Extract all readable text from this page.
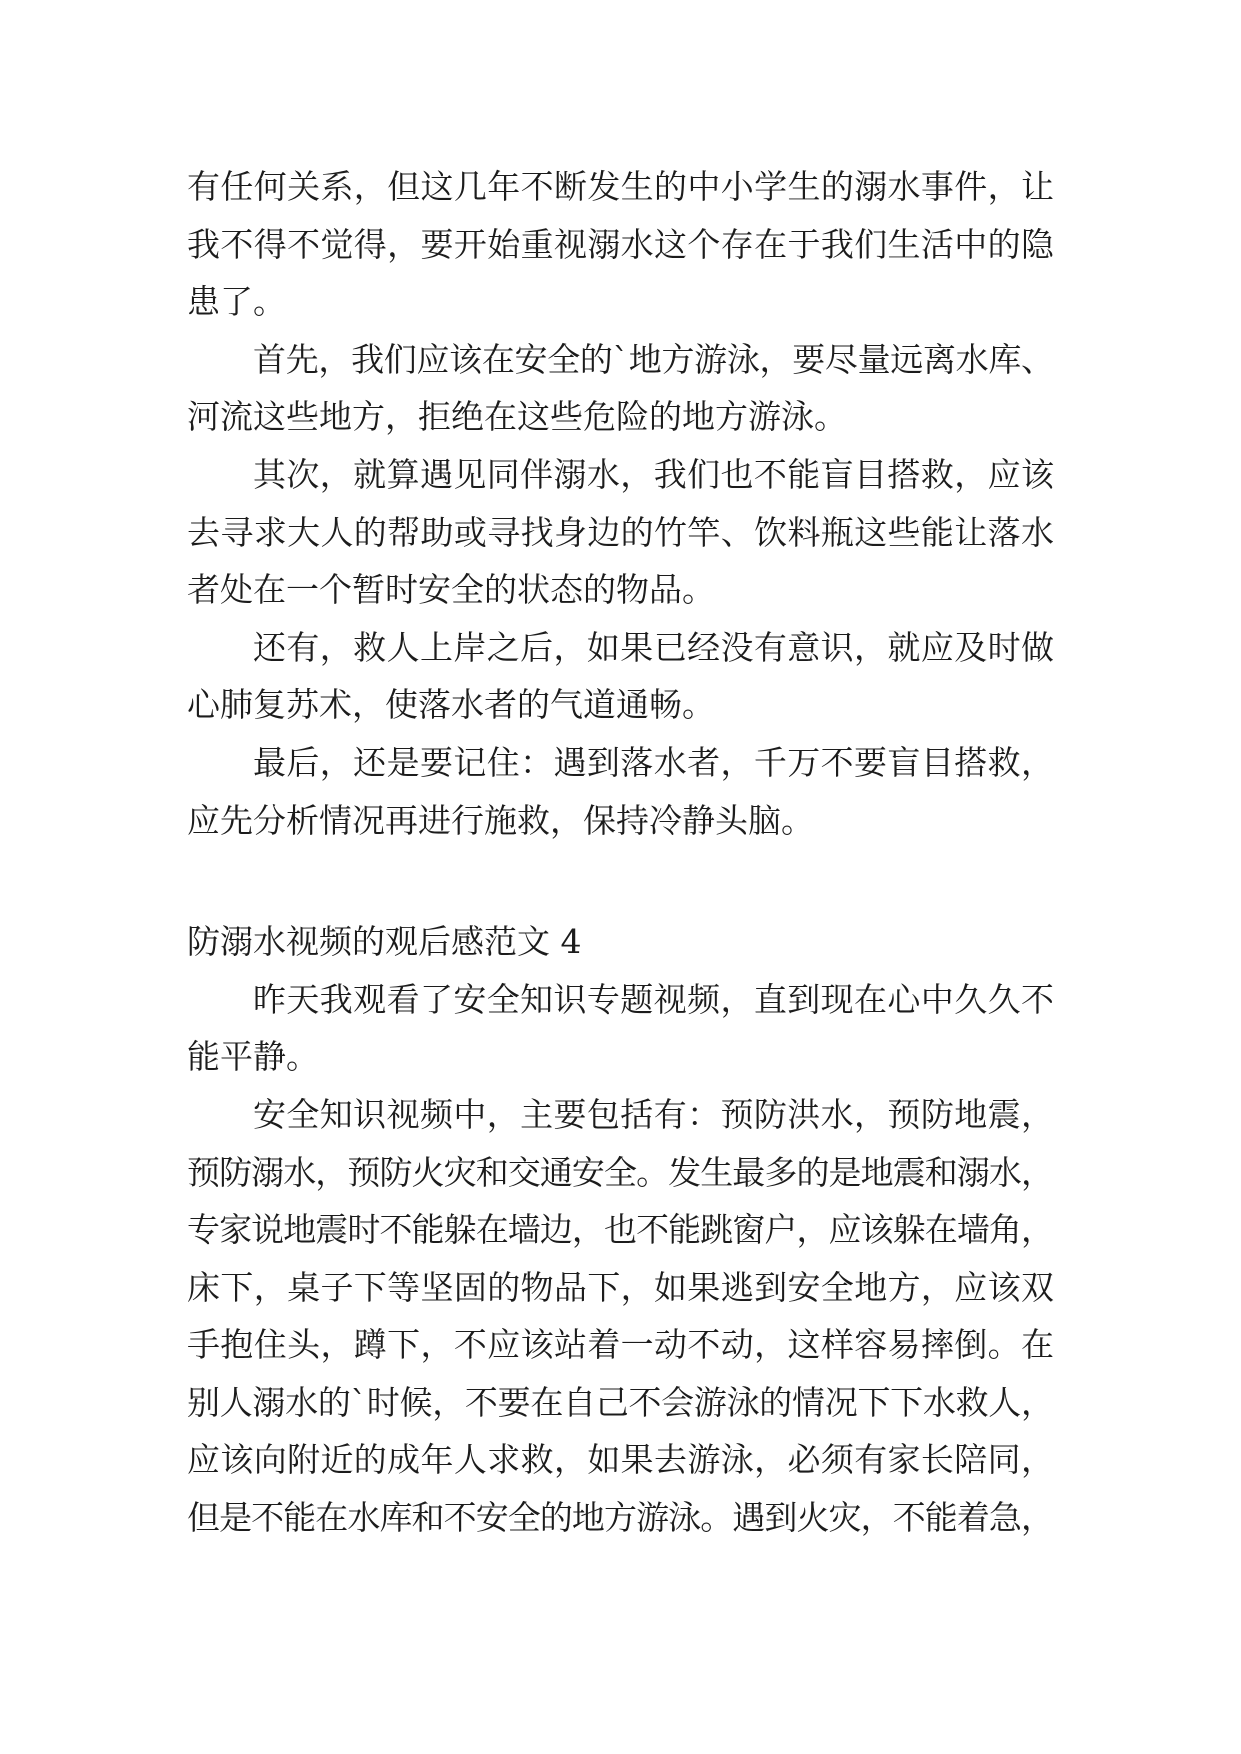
有任何关系，但这几年不断发生的中小学生的溺水事件，让
我不得不觉得，要开始重视溺水这个存在于我们生活中的隐
患了。
首先，我们应该在安全的`地方游泳，要尽量远离水库、
河流这些地方，拒绝在这些危险的地方游泳。
其次，就算遇见同伴溺水，我们也不能盲目搭救，应该
去寻求大人的帮助或寻找身边的竹竿、饮料瓶这些能让落水
者处在一个暂时安全的状态的物品。
还有，救人上岸之后，如果已经没有意识，就应及时做
心肺复苏术，使落水者的气道通畅。
最后，还是要记住：遇到落水者，千万不要盲目搭救，
应先分析情况再进行施救，保持冷静头脑。
防溺水视频的观后感范文 4
昨天我观看了安全知识专题视频，直到现在心中久久不
能平静。
安全知识视频中，主要包括有：预防洪水，预防地震，
预防溺水，预防火灾和交通安全。发生最多的是地震和溺水，
专家说地震时不能躲在墙边，也不能跳窗户，应该躲在墙角，
床下，桌子下等坚固的物品下，如果逃到安全地方，应该双
手抱住头，蹲下，不应该站着一动不动，这样容易摔倒。在
别人溺水的`时候，不要在自己不会游泳的情况下下水救人，
应该向附近的成年人求救，如果去游泳，必须有家长陪同，
但是不能在水库和不安全的地方游泳。遇到火灾，不能着急，
